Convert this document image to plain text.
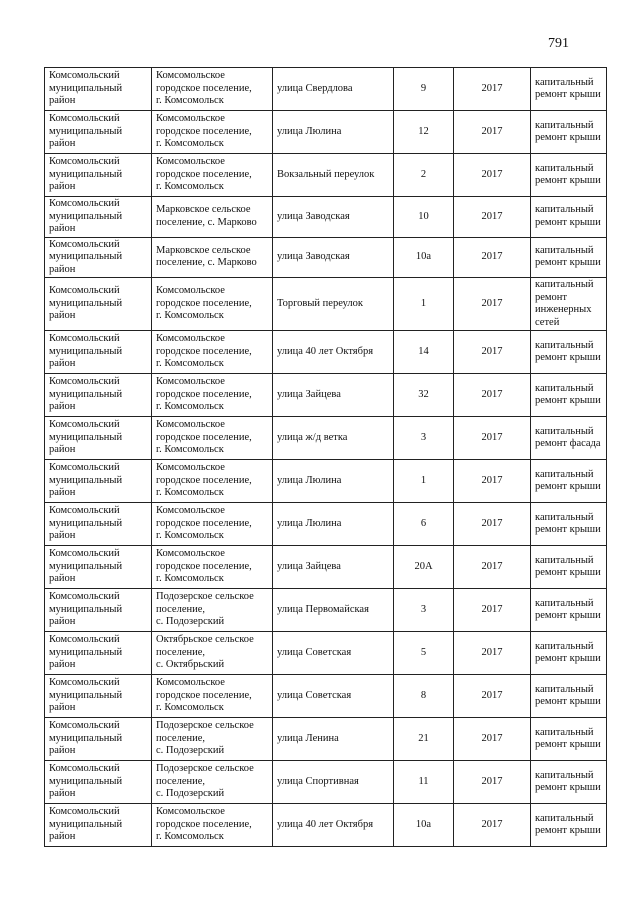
791
Комсомольский
муниципальный
район	Комсомольское
городское поселение,
г. Комсомольск	улица Свердлова	9	2017	капитальный
ремонт крыши

Комсомольский
муниципальный
район	Комсомольское
городское поселение,
г. Комсомольск	улица Люлина	12	2017	капитальный
ремонт крыши

Комсомольский
муниципальный
район	Комсомольское
городское поселение,
г. Комсомольск	Вокзальный переулок	2	2017	капитальный
ремонт крыши

Комсомольский
муниципальный
район	Марковское сельское
поселение, с. Марково	улица Заводская	10	2017	капитальный
ремонт крыши

Комсомольский
муниципальный
район	Марковское сельское
поселение, с. Марково	улица Заводская	10а	2017	капитальный
ремонт крыши

Комсомольский
муниципальный
район	Комсомольское
городское поселение,
г. Комсомольск	Торговый переулок	1	2017	капитальный
ремонт
инженерных
сетей

Комсомольский
муниципальный
район	Комсомольское
городское поселение,
г. Комсомольск	улица 40 лет Октября	14	2017	капитальный
ремонт крыши

Комсомольский
муниципальный
район	Комсомольское
городское поселение,
г. Комсомольск	улица Зайцева	32	2017	капитальный
ремонт крыши

Комсомольский
муниципальный
район	Комсомольское
городское поселение,
г. Комсомольск	улица ж/д ветка	3	2017	капитальный
ремонт фасада

Комсомольский
муниципальный
район	Комсомольское
городское поселение,
г. Комсомольск	улица Люлина	1	2017	капитальный
ремонт крыши

Комсомольский
муниципальный
район	Комсомольское
городское поселение,
г. Комсомольск	улица Люлина	6	2017	капитальный
ремонт крыши

Комсомольский
муниципальный
район	Комсомольское
городское поселение,
г. Комсомольск	улица Зайцева	20А	2017	капитальный
ремонт крыши

Комсомольский
муниципальный
район	Подозерское сельское
поселение,
с. Подозерский	улица Первомайская	3	2017	капитальный
ремонт крыши

Комсомольский
муниципальный
район	Октябрьское сельское
поселение,
с. Октябрьский	улица Советская	5	2017	капитальный
ремонт крыши

Комсомольский
муниципальный
район	Комсомольское
городское поселение,
г. Комсомольск	улица Советская	8	2017	капитальный
ремонт крыши

Комсомольский
муниципальный
район	Подозерское сельское
поселение,
с. Подозерский	улица Ленина	21	2017	капитальный
ремонт крыши

Комсомольский
муниципальный
район	Подозерское сельское
поселение,
с. Подозерский	улица Спортивная	11	2017	капитальный
ремонт крыши

Комсомольский
муниципальный
район	Комсомольское
городское поселение,
г. Комсомольск	улица 40 лет Октября	10а	2017	капитальный
ремонт крыши
